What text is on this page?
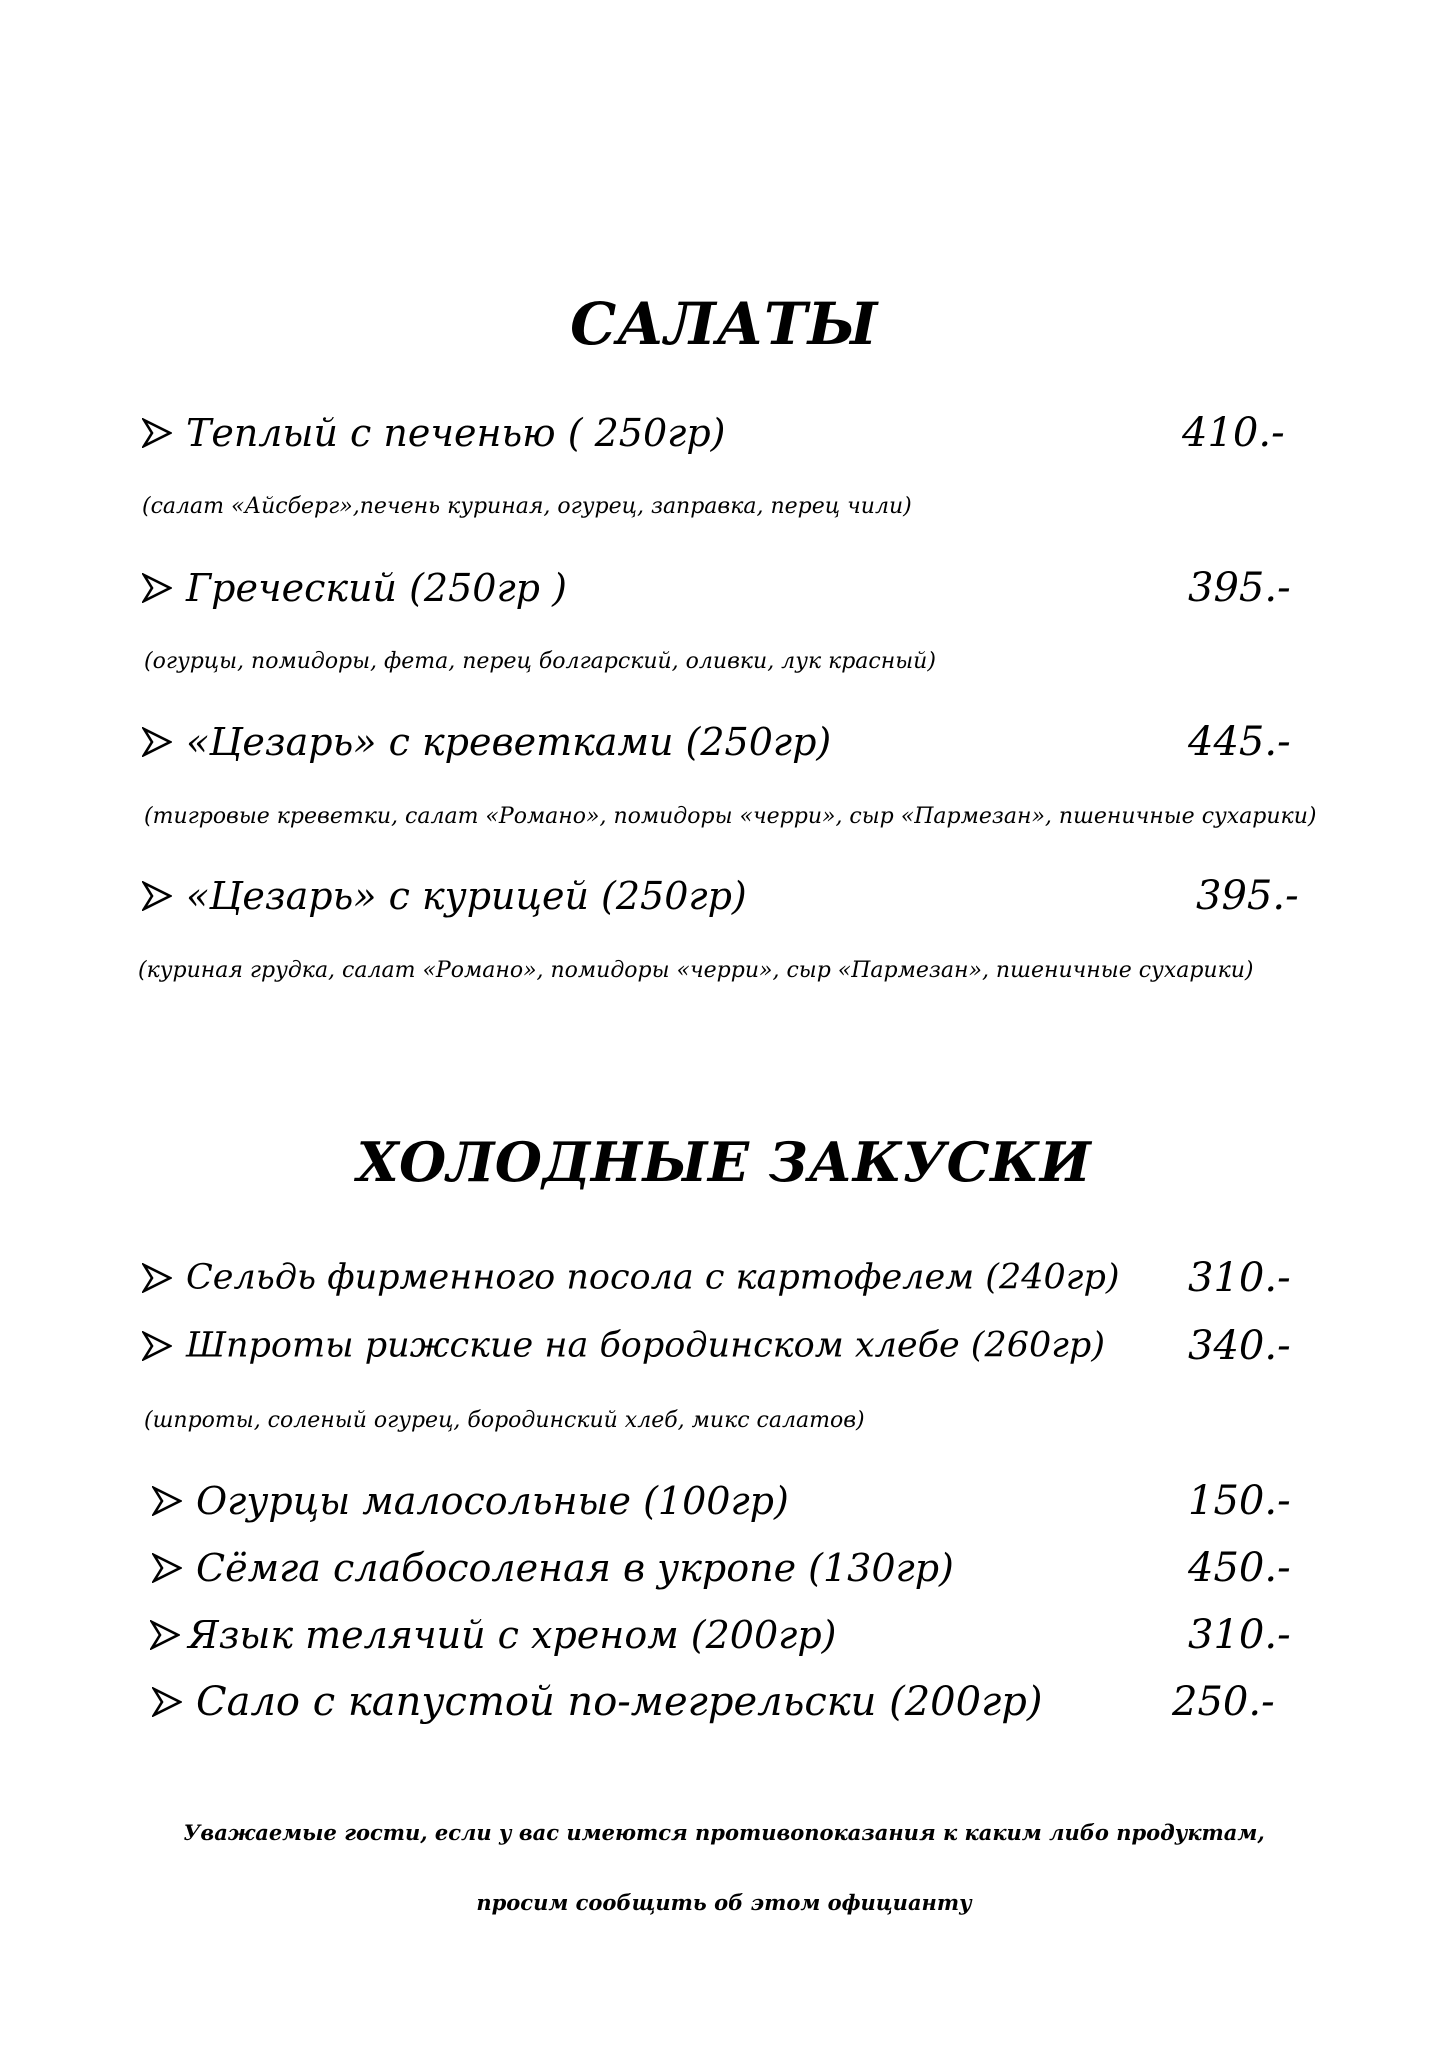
САЛАТЫ
Теплый с печенью ( 250гр)	410.-
(салат «Айсберг»,печень куриная, огурец, заправка, перец чили)
Греческий (250гр )	395.-
(огурцы, помидоры, фета, перец болгарский, оливки, лук красный)
«Цезарь» с креветками (250гр)	445.-
(тигровые креветки, салат «Романо», помидоры «черри», сыр «Пармезан», пшеничные сухарики)
«Цезарь» с курицей (250гр)	395.-
(куриная грудка, салат «Романо», помидоры «черри», сыр «Пармезан», пшеничные сухарики)
ХОЛОДНЫЕ ЗАКУСКИ
Сельдь фирменного посола с картофелем (240гр) 310.-
Шпроты рижские на бородинском хлебе (260гр) 340.-
(шпроты, соленый огурец, бородинский хлеб, микс салатов)
Огурцы малосольные (100гр)	150.-
Сёмга слабосоленая в укропе (130гр)	450.-
Язык телячий с хреном (200гр)	310.-
Сало с капустой по-мегрельски (200гр)	250.-
Уважаемые гости, если у вас имеются противопоказания к каким либо продуктам,
просим сообщить об этом официанту
